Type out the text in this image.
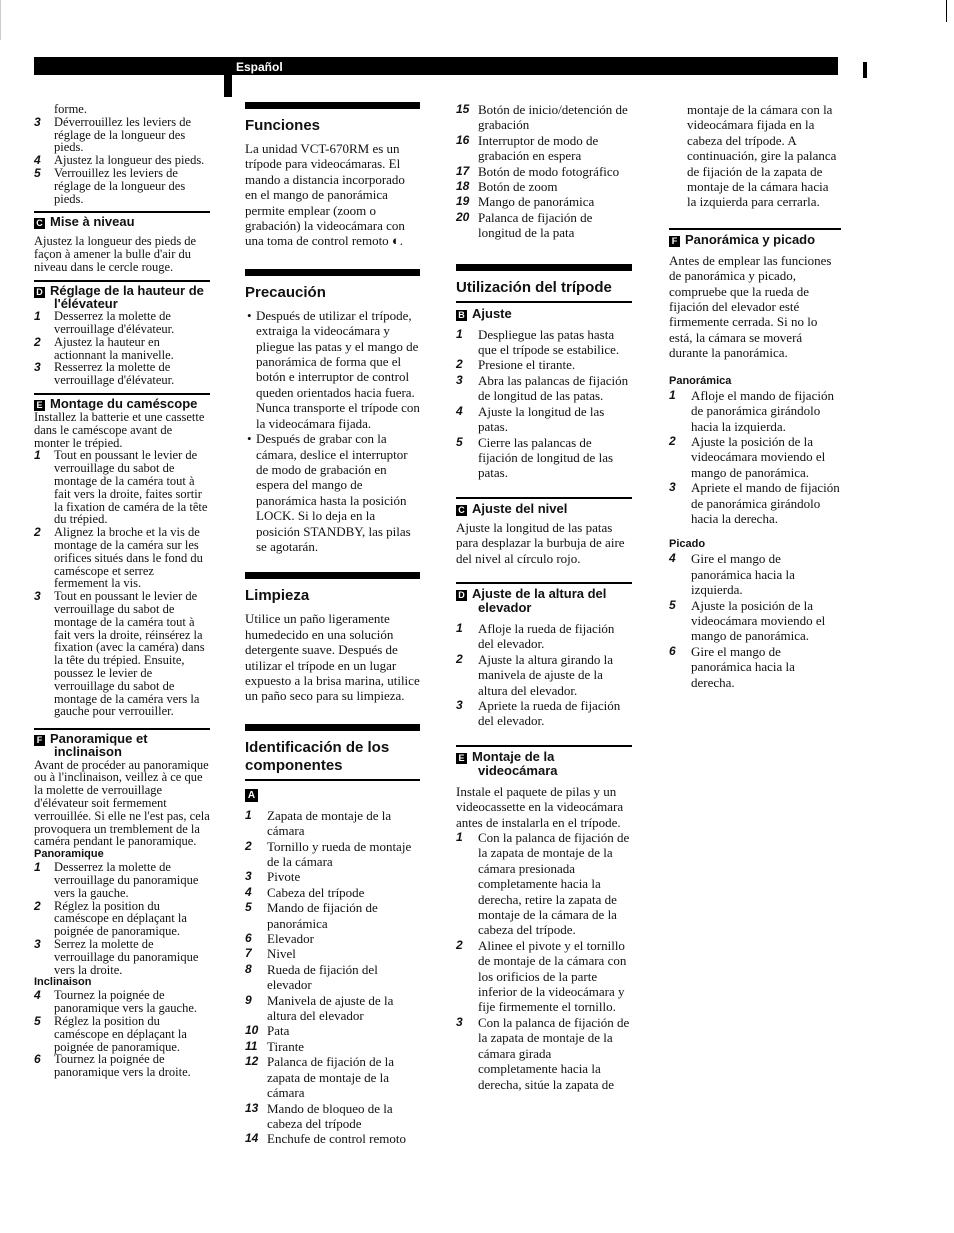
Español

forme.

3 Déverrouillez les leviers de réglage de la longueur des pieds.
4 Ajustez la longueur des pieds.
5 Verrouillez les leviers de réglage de la longueur des pieds.
C Mise à niveau

Ajustez la longueur des pieds de façon à amener la bulle d'air du niveau dans le cercle rouge.

D Réglage de la hauteur de l'élévateur
1 Desserrez la molette de verrouillage d'élévateur.
2 Ajustez la hauteur en actionnant la manivelle.
3 Resserrez la molette de verrouillage d'élévateur.
E Montage du caméscope

Installez la batterie et une cassette dans le caméscope avant de monter le trépied.

1 Tout en poussant le levier de verrouillage du sabot de montage de la caméra tout à fait vers la droite, faites sortir la fixation de caméra de la tête du trépied.
2 Alignez la broche et la vis de montage de la caméra sur les orifices situés dans le fond du caméscope et serrez fermement la vis.
3 Tout en poussant le levier de verrouillage du sabot de montage de la caméra tout à fait vers la droite, réinsérez la fixation (avec la caméra) dans la tête du trépied. Ensuite, poussez le levier de verrouillage du sabot de montage de la caméra vers la gauche pour verrouiller.
F Panoramique et inclinaison

Avant de procéder au panoramique ou à l'inclinaison, veillez à ce que la molette de verrouillage d'élévateur soit fermement verrouillée. Si elle ne l'est pas, cela provoquera un tremblement de la caméra pendant le panoramique.

Panoramique
1 Desserrez la molette de verrouillage du panoramique vers la gauche.
2 Réglez la position du caméscope en déplaçant la poignée de panoramique.
3 Serrez la molette de verrouillage du panoramique vers la droite.
Inclinaison
4 Tournez la poignée de panoramique vers la gauche.
5 Réglez la position du caméscope en déplaçant la poignée de panoramique.
6 Tournez la poignée de panoramique vers la droite.
Funciones

La unidad VCT-670RM es un trípode para videocámaras. El mando a distancia incorporado en el mango de panorámica permite emplear (zoom o grabación) la videocámara con una toma de control remoto ◐.

Precaución
• Después de utilizar el trípode, extraiga la videocámara y pliegue las patas y el mango de panorámica de forma que el botón e interruptor de control queden orientados hacia fuera. Nunca transporte el trípode con la videocámara fijada.
• Después de grabar con la cámara, deslice el interruptor de modo de grabación en espera del mango de panorámica hasta la posición LOCK. Si lo deja en la posición STANDBY, las pilas se agotarán.
Limpieza

Utilice un paño ligeramente humedecido en una solución detergente suave. Después de utilizar el trípode en un lugar expuesto a la brisa marina, utilice un paño seco para su limpieza.

Identificación de los componentes
A
1 Zapata de montaje de la cámara
2 Tornillo y rueda de montaje de la cámara
3 Pivote
4 Cabeza del trípode
5 Mando de fijación de panorámica
6 Elevador
7 Nivel
8 Rueda de fijación del elevador
9 Manivela de ajuste de la altura del elevador
10 Pata
11 Tirante
12 Palanca de fijación de la zapata de montaje de la cámara
13 Mando de bloqueo de la cabeza del trípode
14 Enchufe de control remoto
15 Botón de inicio/detención de grabación
16 Interruptor de modo de grabación en espera
17 Botón de modo fotográfico
18 Botón de zoom
19 Mango de panorámica
20 Palanca de fijación de longitud de la pata
Utilización del trípode
B Ajuste
1 Despliegue las patas hasta que el trípode se estabilice.
2 Presione el tirante.
3 Abra las palancas de fijación de longitud de las patas.
4 Ajuste la longitud de las patas.
5 Cierre las palancas de fijación de longitud de las patas.
C Ajuste del nivel

Ajuste la longitud de las patas para desplazar la burbuja de aire del nivel al círculo rojo.

D Ajuste de la altura del elevador
1 Afloje la rueda de fijación del elevador.
2 Ajuste la altura girando la manivela de ajuste de la altura del elevador.
3 Apriete la rueda de fijación del elevador.
E Montaje de la videocámara

Instale el paquete de pilas y un videocassette en la videocámara antes de instalarla en el trípode.

1 Con la palanca de fijación de la zapata de montaje de la cámara presionada completamente hacia la derecha, retire la zapata de montaje de la cámara de la cabeza del trípode.
2 Alinee el pivote y el tornillo de montaje de la cámara con los orificios de la parte inferior de la videocámara y fije firmemente el tornillo.
3 Con la palanca de fijación de la zapata de montaje de la cámara girada completamente hacia la derecha, sitúe la zapata de

montaje de la cámara con la videocámara fijada en la cabeza del trípode. A continuación, gire la palanca de fijación de la zapata de montaje de la cámara hacia la izquierda para cerrarla.

F Panorámica y picado

Antes de emplear las funciones de panorámica y picado, compruebe que la rueda de fijación del elevador esté firmemente cerrada. Si no lo está, la cámara se moverá durante la panorámica.

Panorámica
1 Afloje el mando de fijación de panorámica girándolo hacia la izquierda.
2 Ajuste la posición de la videocámara moviendo el mango de panorámica.
3 Apriete el mando de fijación de panorámica girándolo hacia la derecha.
Picado
4 Gire el mango de panorámica hacia la izquierda.
5 Ajuste la posición de la videocámara moviendo el mango de panorámica.
6 Gire el mango de panorámica hacia la derecha.
